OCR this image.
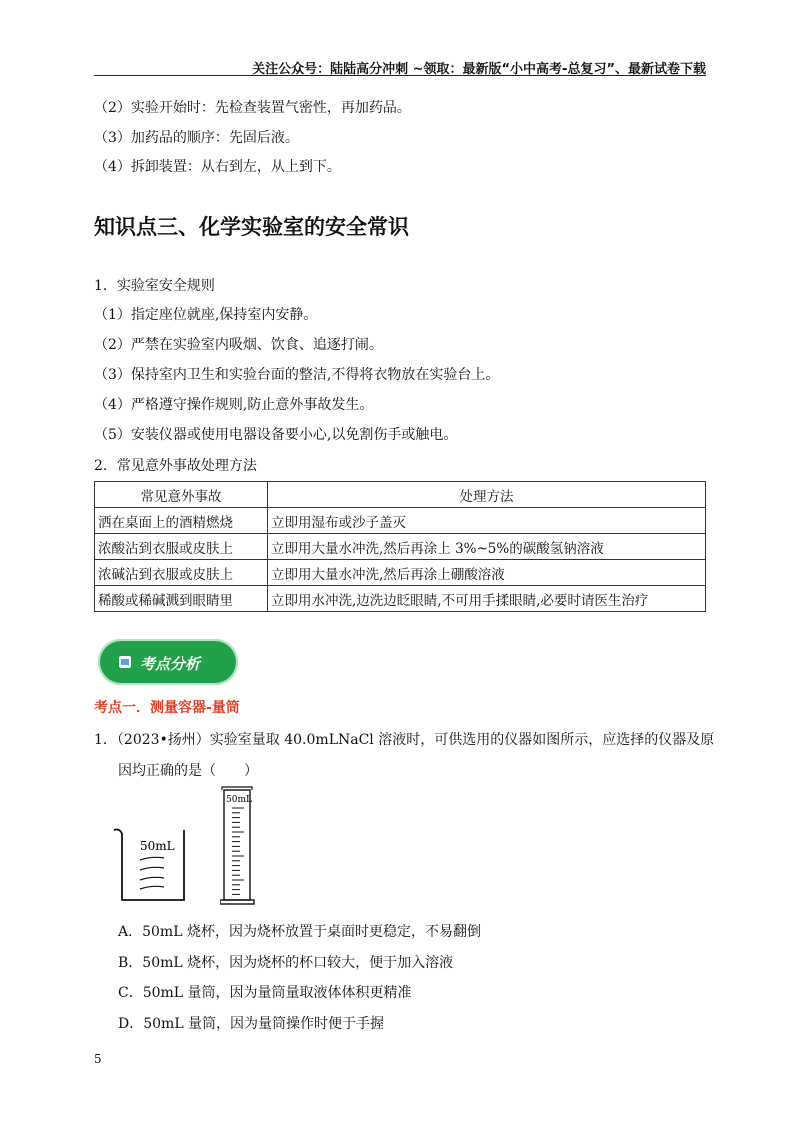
关注公众号：陆陆高分冲刺 ~领取：最新版“小中高考-总复习”、最新试卷下载
（2）实验开始时：先检查装置气密性，再加药品。
（3）加药品的顺序：先固后液。
（4）拆卸装置：从右到左，从上到下。
知识点三、化学实验室的安全常识
1．实验室安全规则
（1）指定座位就座,保持室内安静。
（2）严禁在实验室内吸烟、饮食、追逐打闹。
（3）保持室内卫生和实验台面的整洁,不得将衣物放在实验台上。
（4）严格遵守操作规则,防止意外事故发生。
（5）安装仪器或使用电器设备要小心,以免割伤手或触电。
2．常见意外事故处理方法
常见意外事故	处理方法
洒在桌面上的酒精燃烧	立即用湿布或沙子盖灭
浓酸沾到衣服或皮肤上	立即用大量水冲洗,然后再涂上 3%~5%的碳酸氢钠溶液
浓碱沾到衣服或皮肤上	立即用大量水冲洗,然后再涂上硼酸溶液
稀酸或稀碱溅到眼睛里	立即用水冲洗,边洗边眨眼睛,不可用手揉眼睛,必要时请医生治疗
考点分析
考点一．测量容器-量筒
1．（2023•扬州）实验室量取 40.0mLNaCl 溶液时，可供选用的仪器如图所示，应选择的仪器及原
因均正确的是（　　）
50mL
50mL
A．50mL 烧杯，因为烧杯放置于桌面时更稳定，不易翻倒
B．50mL 烧杯，因为烧杯的杯口较大，便于加入溶液
C．50mL 量筒，因为量筒量取液体体积更精准
D．50mL 量筒，因为量筒操作时便于手握
5
